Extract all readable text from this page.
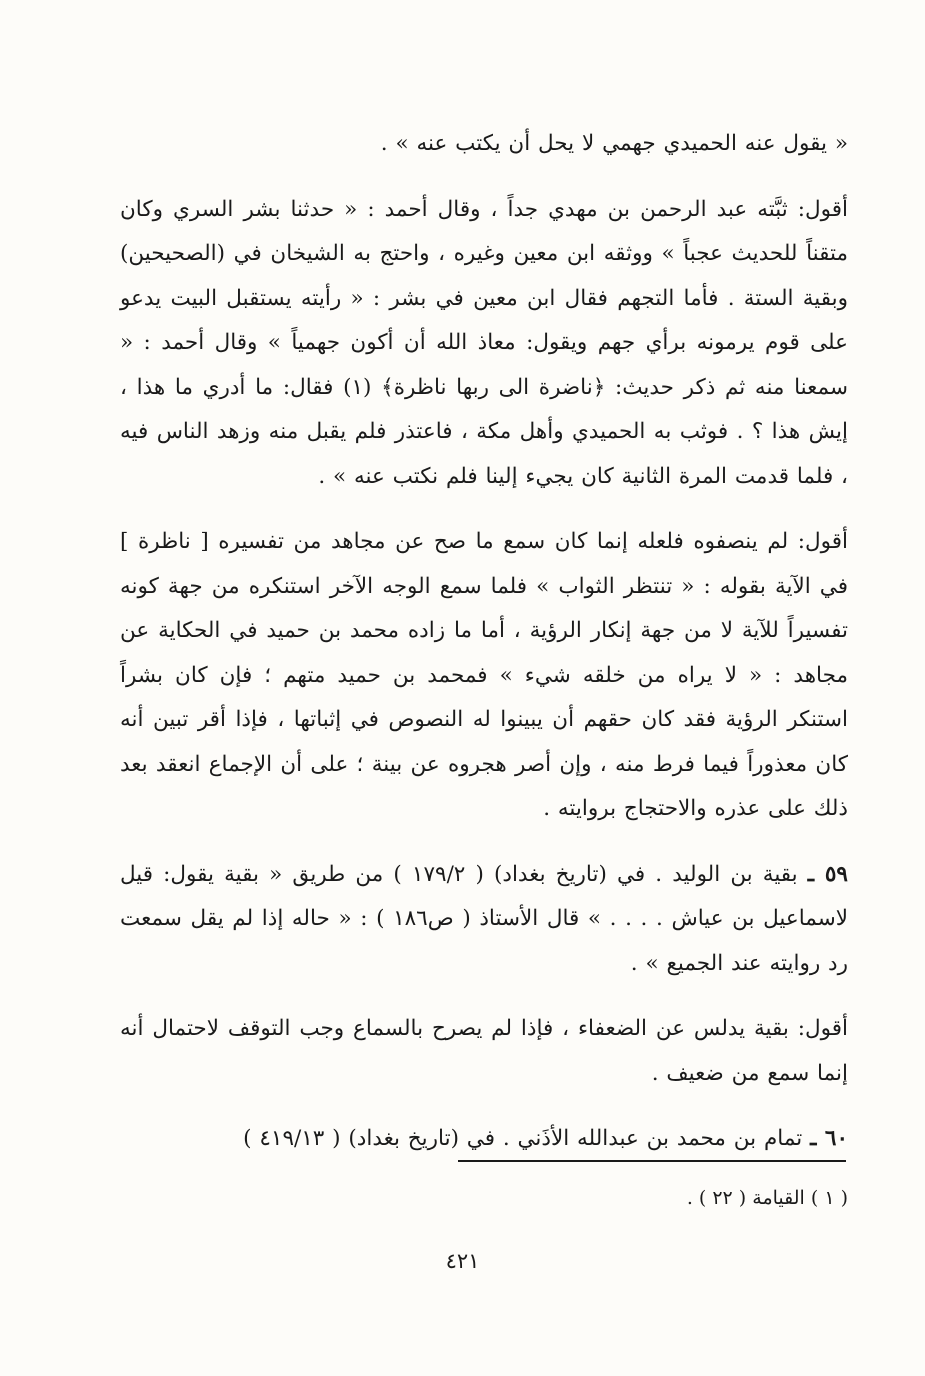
« يقول عنه الحميدي جهمي لا يحل أن يكتب عنه » .

أقول: ثبَّته عبد الرحمن بن مهدي جداً ، وقال أحمد : « حدثنا بشر السري وكان متقناً للحديث عجباً » ووثقه ابن معين وغيره ، واحتج به الشيخان في (الصحيحين) وبقية الستة . فأما التجهم فقال ابن معين في بشر : « رأيته يستقبل البيت يدعو على قوم يرمونه برأي جهم ويقول: معاذ الله أن أكون جهمياً » وقال أحمد : « سمعنا منه ثم ذكر حديث: ﴿ناضرة الى ربها ناظرة﴾ (١) فقال: ما أدري ما هذا ، إيش هذا ؟ . فوثب به الحميدي وأهل مكة ، فاعتذر فلم يقبل منه وزهد الناس فيه ، فلما قدمت المرة الثانية كان يجيء إلينا فلم نكتب عنه » .

أقول: لم ينصفوه فلعله إنما كان سمع ما صح عن مجاهد من تفسيره [ ناظرة ] في الآية بقوله : « تنتظر الثواب » فلما سمع الوجه الآخر استنكره من جهة كونه تفسيراً للآية لا من جهة إنكار الرؤية ، أما ما زاده محمد بن حميد في الحكاية عن مجاهد : « لا يراه من خلقه شيء » فمحمد بن حميد متهم ؛ فإن كان بشراً استنكر الرؤية فقد كان حقهم أن يبينوا له النصوص في إثباتها ، فإذا أقر تبين أنه كان معذوراً فيما فرط منه ، وإن أصر هجروه عن بينة ؛ على أن الإجماع انعقد بعد ذلك على عذره والاحتجاج بروايته .

٥٩ ـ بقية بن الوليد . في (تاريخ بغداد) ( ١٧٩/٢ ) من طريق « بقية يقول: قيل لاسماعيل بن عياش . . . . » قال الأستاذ ( ص١٨٦ ) : « حاله إذا لم يقل سمعت رد روايته عند الجميع » .

أقول: بقية يدلس عن الضعفاء ، فإذا لم يصرح بالسماع وجب التوقف لاحتمال أنه إنما سمع من ضعيف .

٦٠ ـ تمام بن محمد بن عبدالله الأذَني . في (تاريخ بغداد) ( ٤١٩/١٣ )

( ١ ) القيامة ( ٢٢ ) .
٤٢١
